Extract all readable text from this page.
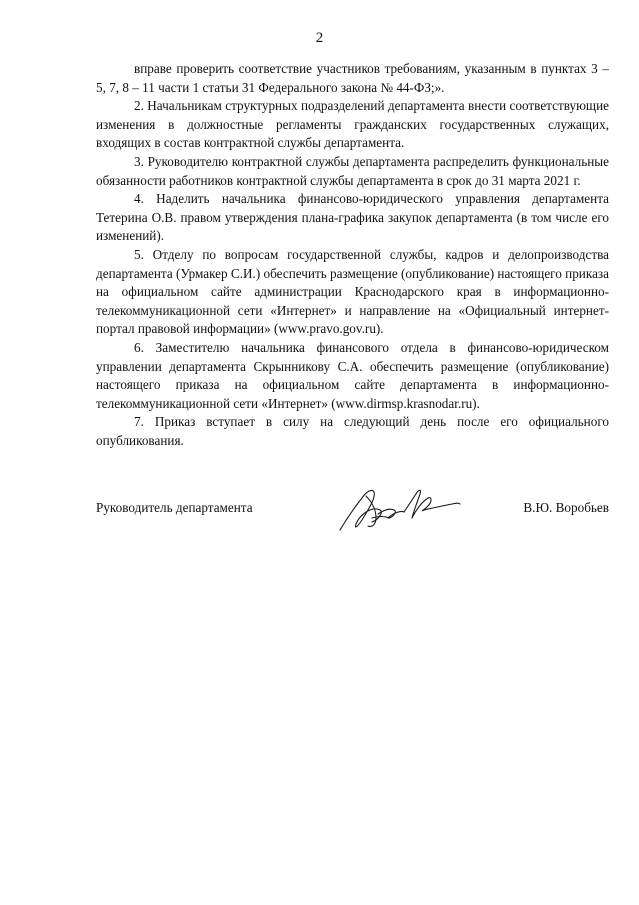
2

вправе проверить соответствие участников требованиям, указанным в пунктах 3 – 5, 7, 8 – 11 части 1 статьи 31 Федерального закона № 44-ФЗ;».

2. Начальникам структурных подразделений департамента внести соответствующие изменения в должностные регламенты гражданских государственных служащих, входящих в состав контрактной службы департамента.

3. Руководителю контрактной службы департамента распределить функциональные обязанности работников контрактной службы департамента в срок до 31 марта 2021 г.

4. Наделить начальника финансово-юридического управления департамента Тетерина О.В. правом утверждения плана-графика закупок департамента (в том числе его изменений).

5. Отделу по вопросам государственной службы, кадров и делопроизводства департамента (Урмакер С.И.) обеспечить размещение (опубликование) настоящего приказа на официальном сайте администрации Краснодарского края в информационно-телекоммуникационной сети «Интернет» и направление на «Официальный интернет-портал правовой информации» (www.pravo.gov.ru).

6. Заместителю начальника финансового отдела в финансово-юридическом управлении департамента Скрынникову С.А. обеспечить размещение (опубликование) настоящего приказа на официальном сайте департамента в информационно-телекоммуникационной сети «Интернет» (www.dirmsp.krasnodar.ru).

7. Приказ вступает в силу на следующий день после его официального опубликования.

Руководитель департамента	В.Ю. Воробьев
